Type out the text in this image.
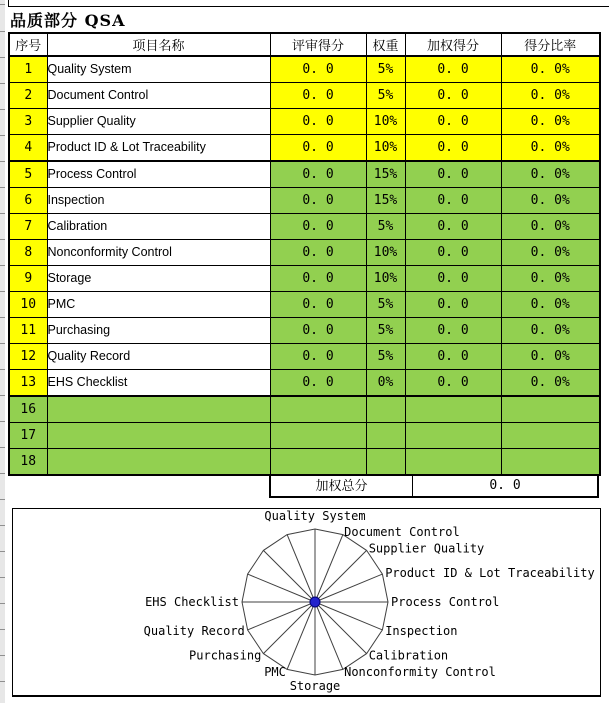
品质部分 QSA
序号	项目名称	评审得分	权重	加权得分	得分比率
1	Quality System	0. 0	5%	0. 0	0. 0%
2	Document Control	0. 0	5%	0. 0	0. 0%
3	Supplier Quality	0. 0	10%	0. 0	0. 0%
4	Product ID & Lot Traceability	0. 0	10%	0. 0	0. 0%
5	Process Control	0. 0	15%	0. 0	0. 0%
6	Inspection	0. 0	15%	0. 0	0. 0%
7	Calibration	0. 0	5%	0. 0	0. 0%
8	Nonconformity Control	0. 0	10%	0. 0	0. 0%
9	Storage	0. 0	10%	0. 0	0. 0%
10	PMC	0. 0	5%	0. 0	0. 0%
11	Purchasing	0. 0	5%	0. 0	0. 0%
12	Quality Record	0. 0	5%	0. 0	0. 0%
13	EHS Checklist	0. 0	0%	0. 0	0. 0%
16					
17					
18					
加权总分	0. 0
Quality System
Document Control
Supplier Quality
Product ID & Lot Traceability
Process Control
Inspection
Calibration
Nonconformity Control
Storage
PMC
Purchasing
Quality Record
EHS Checklist
